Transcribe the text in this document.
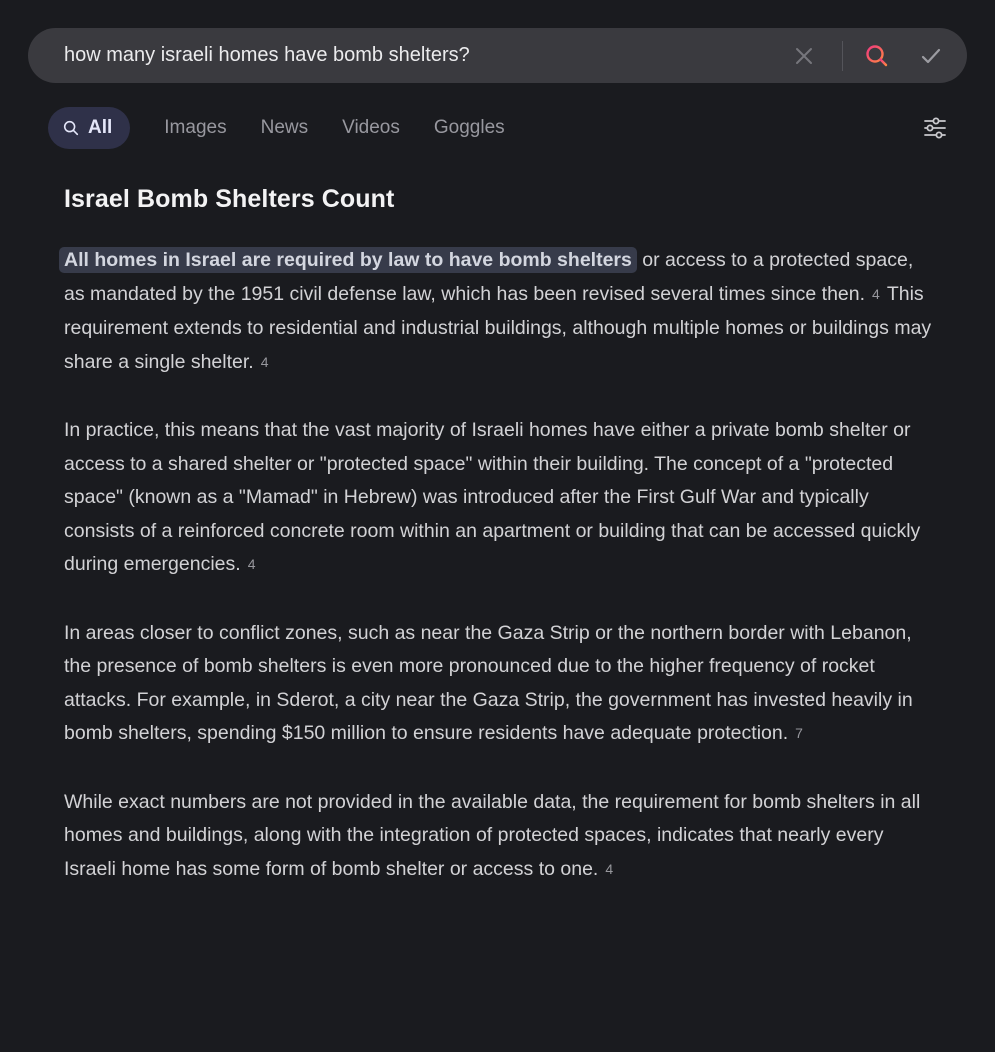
how many israeli homes have bomb shelters?
All	Images News Videos Goggles
Israel Bomb Shelters Count

All homes in Israel are required by law to have bomb shelters or access to a protected space, as mandated by the 1951 civil defense law, which has been revised several times since then. 4 This requirement extends to residential and industrial buildings, although multiple homes or buildings may share a single shelter. 4

In practice, this means that the vast majority of Israeli homes have either a private bomb shelter or access to a shared shelter or "protected space" within their building. The concept of a "protected space" (known as a "Mamad" in Hebrew) was introduced after the First Gulf War and typically consists of a reinforced concrete room within an apartment or building that can be accessed quickly during emergencies. 4

In areas closer to conflict zones, such as near the Gaza Strip or the northern border with Lebanon, the presence of bomb shelters is even more pronounced due to the higher frequency of rocket attacks. For example, in Sderot, a city near the Gaza Strip, the government has invested heavily in bomb shelters, spending $150 million to ensure residents have adequate protection. 7

While exact numbers are not provided in the available data, the requirement for bomb shelters in all homes and buildings, along with the integration of protected spaces, indicates that nearly every Israeli home has some form of bomb shelter or access to one. 4
